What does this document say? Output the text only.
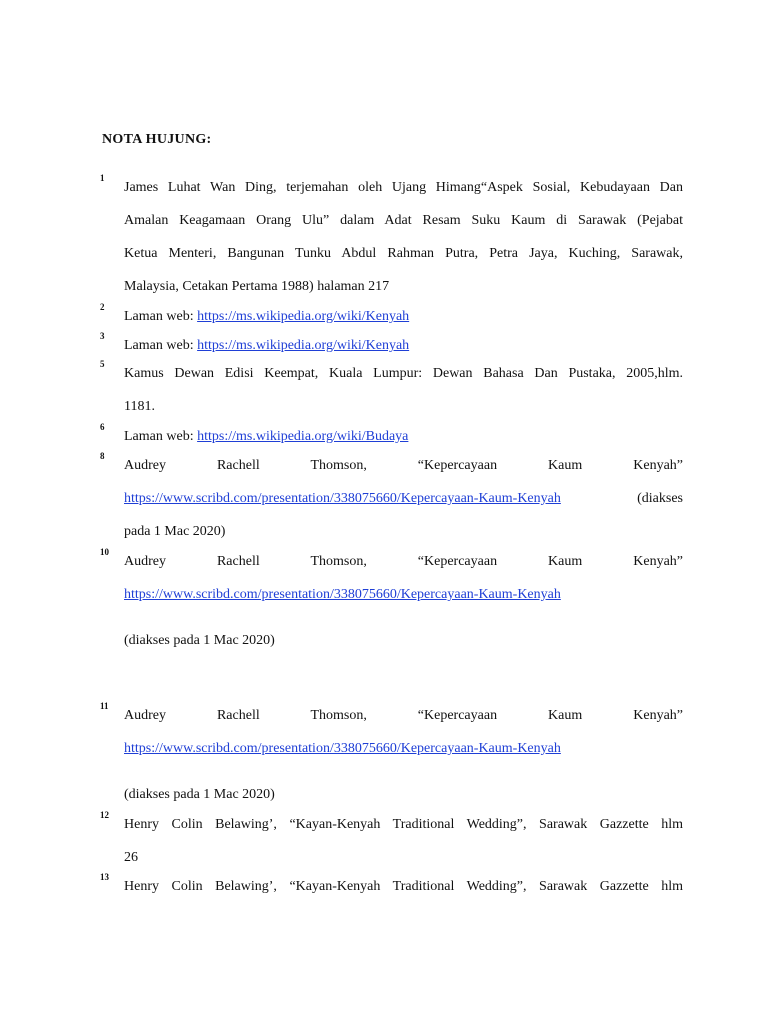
NOTA HUJUNG:
1
James Luhat Wan Ding, terjemahan oleh Ujang Himang“Aspek Sosial, Kebudayaan Dan
Amalan Keagamaan Orang Ulu” dalam Adat Resam Suku Kaum di Sarawak (Pejabat
Ketua Menteri, Bangunan Tunku Abdul Rahman Putra, Petra Jaya, Kuching, Sarawak,
Malaysia, Cetakan Pertama 1988) halaman 217
2
Laman web: https://ms.wikipedia.org/wiki/Kenyah
3
Laman web: https://ms.wikipedia.org/wiki/Kenyah
5
Kamus Dewan Edisi Keempat, Kuala Lumpur: Dewan Bahasa Dan Pustaka, 2005,hlm.
1181.
6
Laman web: https://ms.wikipedia.org/wiki/Budaya
8
Audrey Rachell Thomson, “Kepercayaan Kaum Kenyah”
https://www.scribd.com/presentation/338075660/Kepercayaan-Kaum-Kenyah	(diakses
pada 1 Mac 2020)
10
Audrey Rachell Thomson, “Kepercayaan Kaum Kenyah”
https://www.scribd.com/presentation/338075660/Kepercayaan-Kaum-Kenyah
(diakses pada 1 Mac 2020)
11
Audrey Rachell Thomson, “Kepercayaan Kaum Kenyah”
https://www.scribd.com/presentation/338075660/Kepercayaan-Kaum-Kenyah
(diakses pada 1 Mac 2020)
12
Henry Colin Belawing’, “Kayan-Kenyah Traditional Wedding”, Sarawak Gazzette hlm
26
13
Henry Colin Belawing’, “Kayan-Kenyah Traditional Wedding”, Sarawak Gazzette hlm
